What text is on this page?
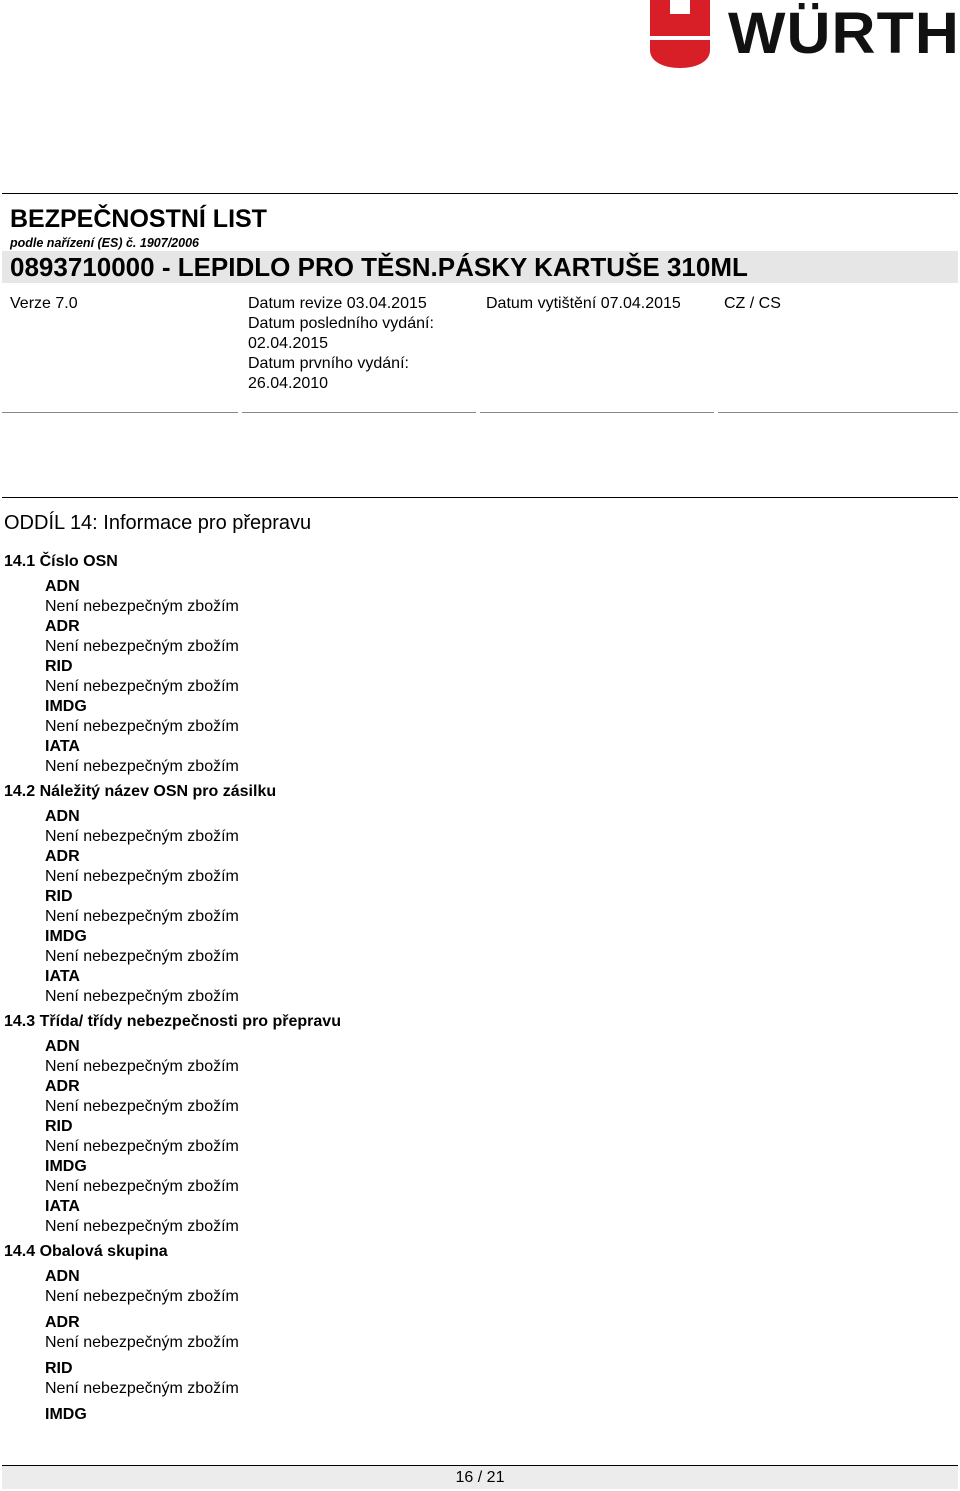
WÜRTH
BEZPEČNOSTNÍ LIST
podle nařízení (ES) č. 1907/2006
0893710000 - LEPIDLO PRO TĚSN.PÁSKY KARTUŠE 310ML
Verze 7.0	Datum revize 03.04.2015
Datum posledního vydání:
02.04.2015
Datum prvního vydání:
26.04.2010
Datum vytištění 07.04.2015	CZ / CS
ODDÍL 14: Informace pro přepravu
14.1 Číslo OSN
ADN
Není nebezpečným zbožím
ADR
Není nebezpečným zbožím
RID
Není nebezpečným zbožím
IMDG
Není nebezpečným zbožím
IATA
Není nebezpečným zbožím
14.2 Náležitý název OSN pro zásilku
ADN
Není nebezpečným zbožím
ADR
Není nebezpečným zbožím
RID
Není nebezpečným zbožím
IMDG
Není nebezpečným zbožím
IATA
Není nebezpečným zbožím
14.3 Třída/ třídy nebezpečnosti pro přepravu
ADN
Není nebezpečným zbožím
ADR
Není nebezpečným zbožím
RID
Není nebezpečným zbožím
IMDG
Není nebezpečným zbožím
IATA
Není nebezpečným zbožím
14.4 Obalová skupina
ADN
Není nebezpečným zbožím
ADR
Není nebezpečným zbožím
RID
Není nebezpečným zbožím
IMDG
16 / 21
